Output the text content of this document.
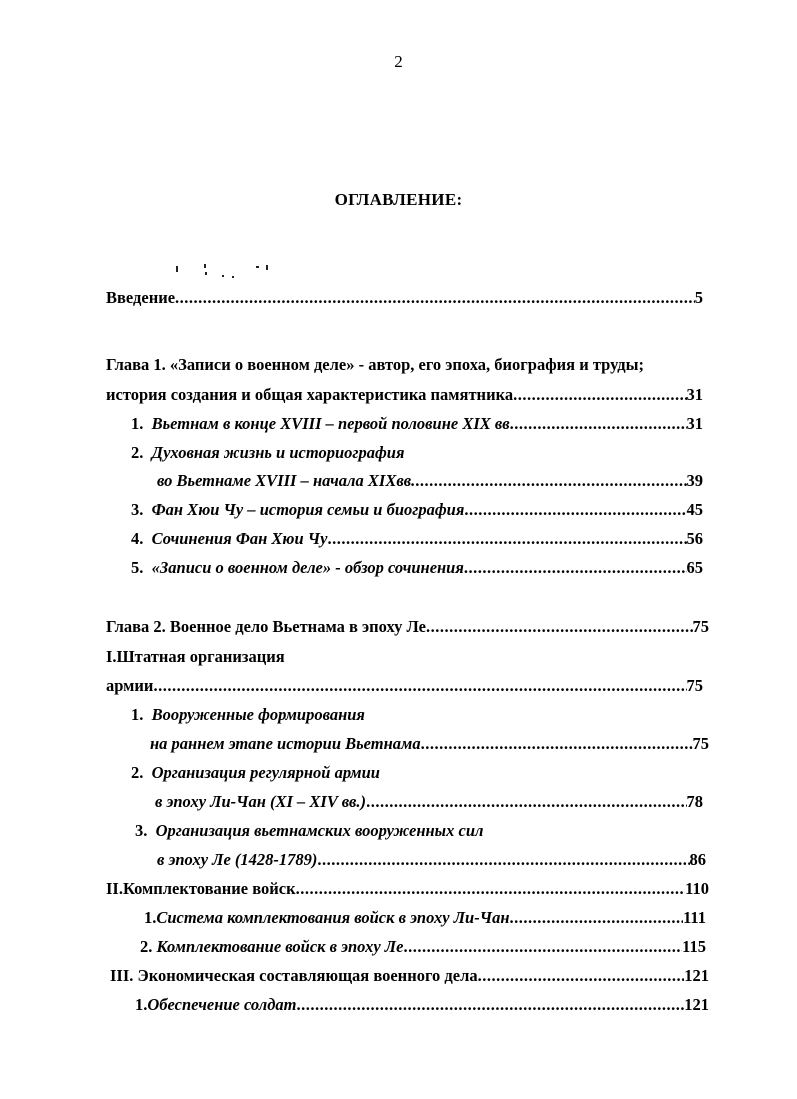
2
ОГЛАВЛЕНИЕ:
Введение .....	5
Глава 1. «Записи о военном деле» - автор, его эпоха, биография и труды;
история создания и общая характеристика памятника .....	31
1. Вьетнам в конце XVIII – первой половине XIX вв .....	31
2. Духовная жизнь и историография
во Вьетнаме XVIII – начала XIXвв. .....	39
3. Фан Хюи Чу – история семьи и биография .....	45
4. Сочинения Фан Хюи Чу .....	56
5. «Записи о военном деле» - обзор сочинения .....	65
Глава 2. Военное дело Вьетнама в эпоху Ле .....	75
I.Штатная организация
армии .....	75
1. Вооруженные формирования
на раннем этапе истории Вьетнама .....	75
2. Организация регулярной армии
в эпоху Ли-Чан (XI – XIV вв.) .....	78
3. Организация вьетнамских вооруженных сил
в эпоху Ле (1428-1789) .....	86
II.Комплектование войск .....	110
1.Система комплектования войск в эпоху Ли-Чан .....	111
2. Комплектование войск в эпоху Ле .....	115
III. Экономическая составляющая военного дела .....	121
1.Обеспечение солдат .....	121
